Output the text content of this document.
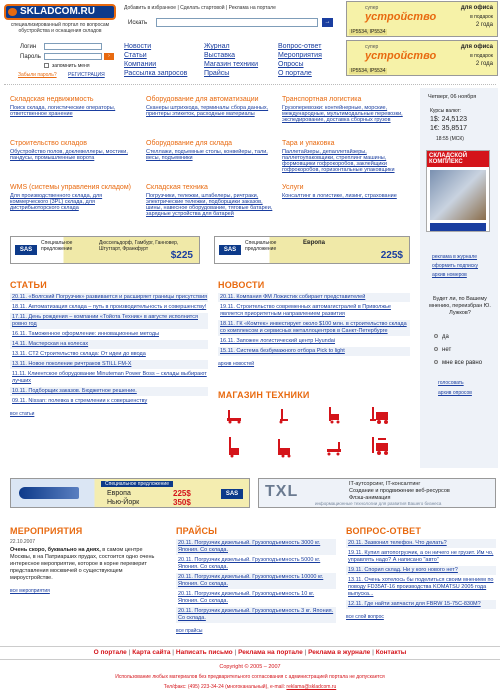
SKLADCOM.RU
специализированный портал по вопросам обустройства и оснащения складов
Добавить в избранное | Сделать стартовой | Реклама на портале
Искать	→
супер
устройство
для офиса
в подарок
2 года
IP5534, IP5534
супер
устройство
для офиса
в подарок
2 года
IP5534, IP5534
Логин
Пароль	›
запомнить меня
Забыли пароль? РЕГИСТРАЦИЯ
Новости
Статьи
Компании
Рассылка запросов
Журнал
Выставка
Магазин техники
Прайсы
Вопрос-ответ
Мероприятия
Опросы
О портале
Складская недвижимость
Поиск склада, логистические операторы, ответственное хранение
Оборудование для автоматизации
Сканеры штрихкода, терминалы сбора данных, принтеры этикеток, расходные материалы
Транспортная логистика
Грузоперевозки: контейнерные, морские, международные, мультимодальные перевозки, экспедирование, доставка сборных грузов
Строительство складов
Обустройство полов, доклевеллеры, мостики, пандусы, промышленные ворота
Оборудование для склада
Стеллажи, подъемные столы, конвейеры, тали, весы, подъемники
Тара и упаковка
Паллетайзеры, депаллетайзеры, паллетоупаковщики, стреплинг машины, формовщики гофрокоробов, заклейщики гофрокоробов, горизонтальные упаковщики
WMS (системы управления складом)
Для производственного склада, для коммерческого (3PL) склада, для дистрибьюторского склада
Складская техника
Погрузчики, тележки, штабелеры, ричтраки, электрические тележки, подборщики заказов, шины, навесное оборудование, тяговые батареи, зарядные устройства для батарей
Услуги
Консалтинг в логистике, лизинг, страхование
SAS
Специальное предложение
Дюссельдорф, Гамбург, Ганновер, Штутгарт, Франкфурт
$225	SAS
Специальное предложение
Европа
225$
Четверг, 06 ноября
Курсы валют:
1$: 24,5123
1€: 35,8517
18:55 (МСК)
СКЛАДСКОЙ КОМПЛЕКС
реклама в журнале
оформить подписку
архив номеров
Будет ли, по Вашему мнению, переизбран Ю. Лужков?
да
нет
мне все равно
голосовать
архив опросов
СТАТЬИ
20.11. «Волгский Погрузчик» развивается и расширяет границы присутствия
18.11. Автоматизация склада – путь в производительность и совершенству!
17.11. День рождения – компании «Тойота Техник» в августе исполнится ровно год
16.11. Таможенное оформление: инновационные методы
14.11. Мастерская на колесах
13.11. СТ2 Строительство склада: От идеи до ввода
13.11. Новое поколение ричтраков STILL FM-X
11.11. Клиентское оборудование Minuteman Power Boss – склады выбирают лучших
10.11. Подборщик заказов. Бюджетное решение.
09.11. Nissan: полевка в стремлении к совершенству
все статьи
НОВОСТИ
20.11. Компания ФМ Ложистик собирает представителей
19.11. Строительство современных автомагистралей в Приволжье является приоритетным направлением развития
18.11. ГК «Комтек» инвестирует около $100 млн. в строительство склада со комплексом и сервисных металлоцентров в Санкт-Петербурге
16.11. Запожен логистический центр Hyundai
15.11. Система безбумажного отбора Pick to light
архив новостей
МАГАЗИН ТЕХНИКИ
Специальное предложение
Европа	225$
Нью-Йорк	350$
SAS	TXL	IT-аутсорсинг, IT-консалтинг
Создание и продвижение веб-ресурсов
Флэш-анимация
информационные технологии для развития Вашего бизнеса
МЕРОПРИЯТИЯ
22.10.2007
Очень скоро, буквально на днях, в самом центре Москвы, в на Патриарших прудах, состоится одно очень интересное мероприятие, которое в корне переверит представления москвичей о существующем мироустройстве.
все мероприятия
ПРАЙСЫ
20.11. Погрузчик дизельный. Грузоподъемность 3000 кг. Япония. Со склада.
20.11. Погрузчик дизельный. Грузоподъемность 5000 кг. Япония. Со склада.
20.11. Погрузчик дизельный. Грузоподъемность 10000 кг. Япония. Со склада.
20.11. Погрузчик дизельный. Грузоподъемность 10 кг. Япония. Со склада.
20.11. Погрузчик дизельный. Грузоподъемность 3 кг. Япония. Со склада.
все прайсы
ВОПРОС-ОТВЕТ
20.11. Зазвонил телефон. Что делать?
19.11. Купил автопогрузчик, а он ничего не грузит. Им чо, управлять надо? А написано "авто"
19.11. Спорил склад. Ни у кого нового нет?
13.11. Очень хотелось бы поделиться своим мнением по поводу FD35AT-16 производства KOMATSU 2005 года выпуска...
12.11. Где найти запчасти для FBRW 15-75C-830M?
все слой вопрос
О портале | Карта сайта | Написать письмо | Реклама на портале | Реклама в журнале | Контакты
Copyright © 2005 – 2007
Использование любых материалов без предварительного согласования с администрацией портала не допускается
Тел/факс: (495) 223-34-24 (многоканальный), e-mail: reklama@skladcom.ru
